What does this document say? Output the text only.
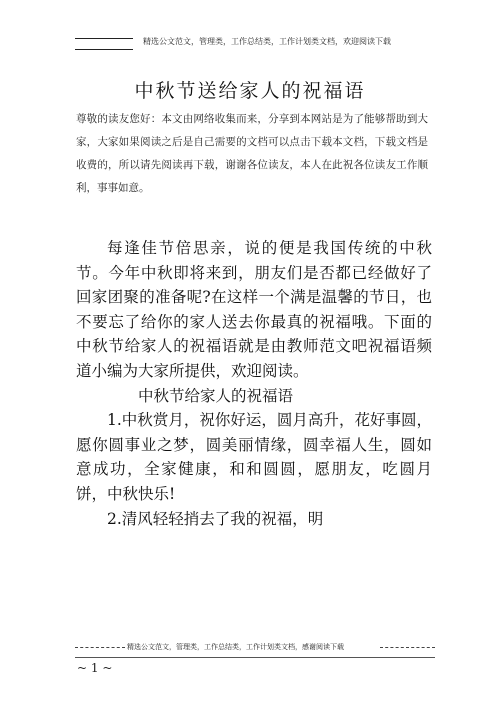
精选公文范文，管理类，工作总结类，工作计划类文档，欢迎阅读下载
中秋节送给家人的祝福语
尊敬的读友您好：本文由网络收集而来，分享到本网站是为了能够帮助到大家，大家如果阅读之后是自己需要的文档可以点击下载本文档，下载文档是收费的，所以请先阅读再下载，谢谢各位读友，本人在此祝各位读友工作顺利，事事如意。

每逢佳节倍思亲，说的便是我国传统的中秋节。今年中秋即将来到，朋友们是否都已经做好了回家团聚的准备呢?在这样一个满是温馨的节日，也不要忘了给你的家人送去你最真的祝福哦。下面的中秋节给家人的祝福语就是由教师范文吧祝福语频道小编为大家所提供，欢迎阅读。

中秋节给家人的祝福语

1.中秋赏月，祝你好运，圆月高升，花好事圆，愿你圆事业之梦，圆美丽情缘，圆幸福人生，圆如意成功，全家健康，和和圆圆，愿朋友，吃圆月饼，中秋快乐!

2.清风轻轻捎去了我的祝福，明

精选公文范文，管理类，工作总结类，工作计划类文档，感谢阅读下载
~ 1 ~
